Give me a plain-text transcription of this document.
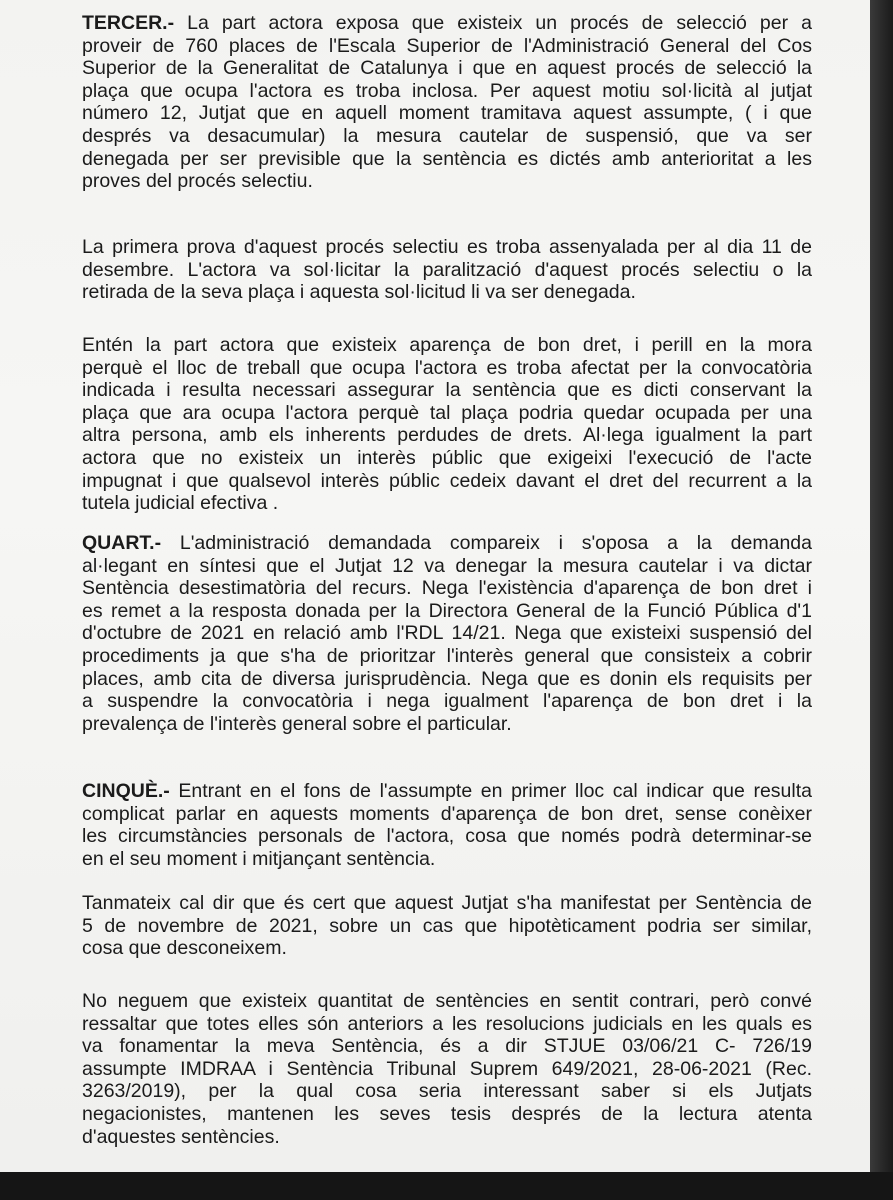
TERCER.- La part actora exposa que existeix un procés de selecció per a
proveir de 760 places de l'Escala Superior de l'Administració General del Cos
Superior de la Generalitat de Catalunya i que en aquest procés de selecció la
plaça que ocupa l'actora es troba inclosa. Per aquest motiu sol·licità al jutjat
número 12, Jutjat que en aquell moment tramitava aquest assumpte, ( i que
després va desacumular) la mesura cautelar de suspensió, que va ser
denegada per ser previsible que la sentència es dictés amb anterioritat a les
proves del procés selectiu.
La primera prova d'aquest procés selectiu es troba assenyalada per al dia 11 de
desembre. L'actora va sol·licitar la paralització d'aquest procés selectiu o la
retirada de la seva plaça i aquesta sol·licitud li va ser denegada.
Entén la part actora que existeix aparença de bon dret, i perill en la mora
perquè el lloc de treball que ocupa l'actora es troba afectat per la convocatòria
indicada i resulta necessari assegurar la sentència que es dicti conservant la
plaça que ara ocupa l'actora perquè tal plaça podria quedar ocupada per una
altra persona, amb els inherents perdudes de drets. Al·lega igualment la part
actora que no existeix un interès públic que exigeixi l'execució de l'acte
impugnat i que qualsevol interès públic cedeix davant el dret del recurrent a la
tutela judicial efectiva .
QUART.- L'administració demandada compareix i s'oposa a la demanda
al·legant en síntesi que el Jutjat 12 va denegar la mesura cautelar i va dictar
Sentència desestimatòria del recurs. Nega l'existència d'aparença de bon dret i
es remet a la resposta donada per la Directora General de la Funció Pública d'1
d'octubre de 2021 en relació amb l'RDL 14/21. Nega que existeixi suspensió del
procediments ja que s'ha de prioritzar l'interès general que consisteix a cobrir
places, amb cita de diversa jurisprudència. Nega que es donin els requisits per
a suspendre la convocatòria i nega igualment l'aparença de bon dret i la
prevalença de l'interès general sobre el particular.
CINQUÈ.- Entrant en el fons de l'assumpte en primer lloc cal indicar que resulta
complicat parlar en aquests moments d'aparença de bon dret, sense conèixer
les circumstàncies personals de l'actora, cosa que només podrà determinar-se
en el seu moment i mitjançant sentència.
Tanmateix cal dir que és cert que aquest Jutjat s'ha manifestat per Sentència de
5 de novembre de 2021, sobre un cas que hipotèticament podria ser similar,
cosa que desconeixem.
No neguem que existeix quantitat de sentències en sentit contrari, però convé
ressaltar que totes elles són anteriors a les resolucions judicials en les quals es
va fonamentar la meva Sentència, és a dir STJUE 03/06/21 C- 726/19
assumpte IMDRAA i Sentència Tribunal Suprem 649/2021, 28-06-2021 (Rec.
3263/2019), per la qual cosa seria interessant saber si els Jutjats
negacionistes, mantenen les seves tesis després de la lectura atenta
d'aquestes sentències.
